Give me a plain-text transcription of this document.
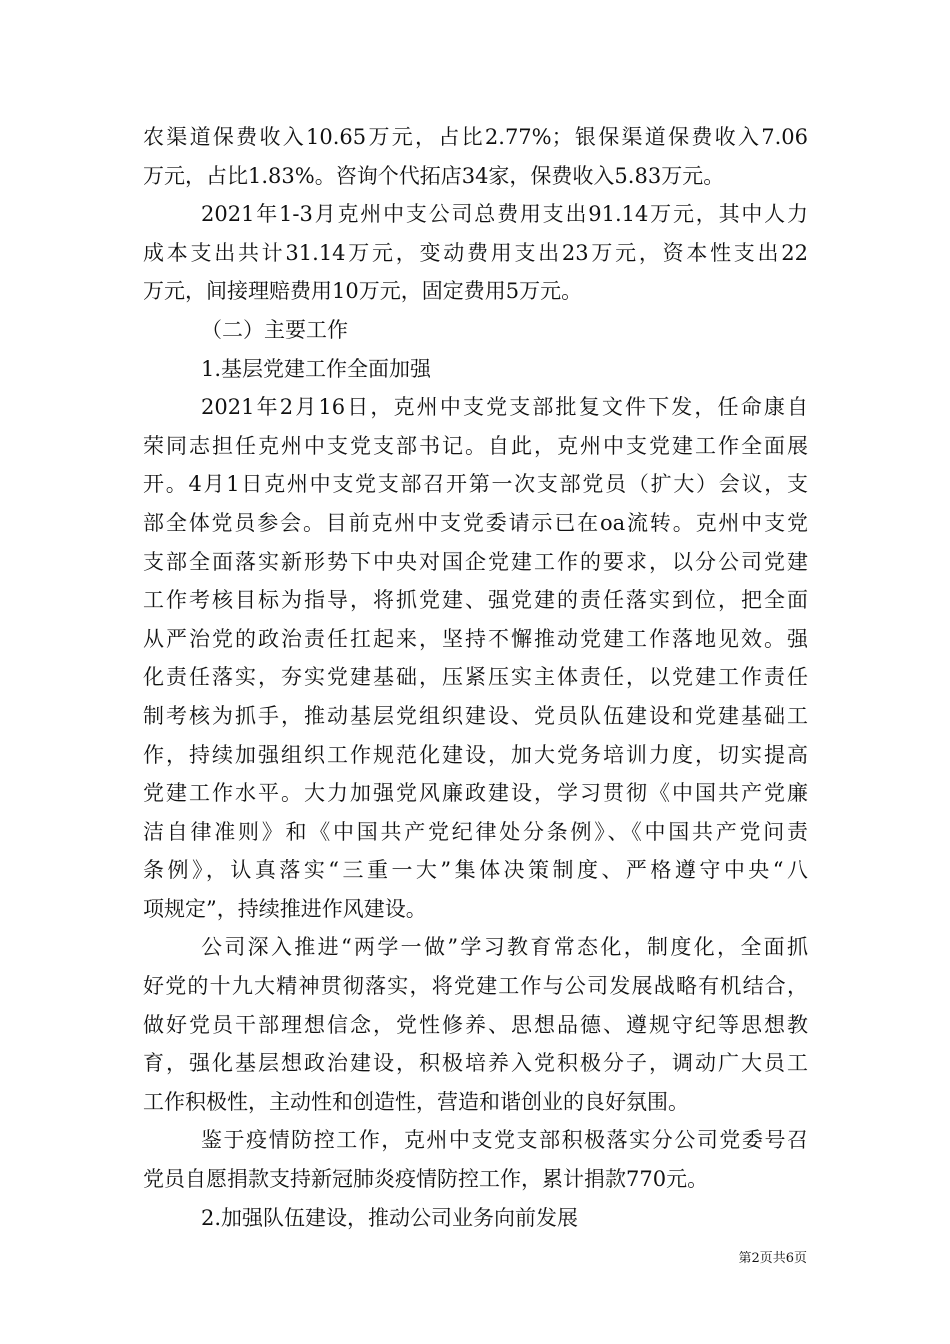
农渠道保费收入10.65万元，占比2.77%；银保渠道保费收入7.06
万元，占比1.83%。咨询个代拓店34家，保费收入5.83万元。
2021年1-3月克州中支公司总费用支出91.14万元，其中人力
成本支出共计31.14万元，变动费用支出23万元，资本性支出22
万元，间接理赔费用10万元，固定费用5万元。
（二）主要工作
1.基层党建工作全面加强
2021年2月16日，克州中支党支部批复文件下发，任命康自
荣同志担任克州中支党支部书记。自此，克州中支党建工作全面展
开。4月1日克州中支党支部召开第一次支部党员（扩大）会议，支
部全体党员参会。目前克州中支党委请示已在oa流转。克州中支党
支部全面落实新形势下中央对国企党建工作的要求，以分公司党建
工作考核目标为指导，将抓党建、强党建的责任落实到位，把全面
从严治党的政治责任扛起来，坚持不懈推动党建工作落地见效。强
化责任落实，夯实党建基础，压紧压实主体责任，以党建工作责任
制考核为抓手，推动基层党组织建设、党员队伍建设和党建基础工
作，持续加强组织工作规范化建设，加大党务培训力度，切实提高
党建工作水平。大力加强党风廉政建设，学习贯彻《中国共产党廉
洁自律准则》和《中国共产党纪律处分条例》、《中国共产党问责
条例》，认真落实“三重一大”集体决策制度、严格遵守中央“八
项规定”，持续推进作风建设。
公司深入推进“两学一做”学习教育常态化，制度化，全面抓
好党的十九大精神贯彻落实，将党建工作与公司发展战略有机结合，
做好党员干部理想信念，党性修养、思想品德、遵规守纪等思想教
育，强化基层想政治建设，积极培养入党积极分子，调动广大员工
工作积极性，主动性和创造性，营造和谐创业的良好氛围。
鉴于疫情防控工作，克州中支党支部积极落实分公司党委号召
党员自愿捐款支持新冠肺炎疫情防控工作，累计捐款770元。
2.加强队伍建设，推动公司业务向前发展
第2页共6页
